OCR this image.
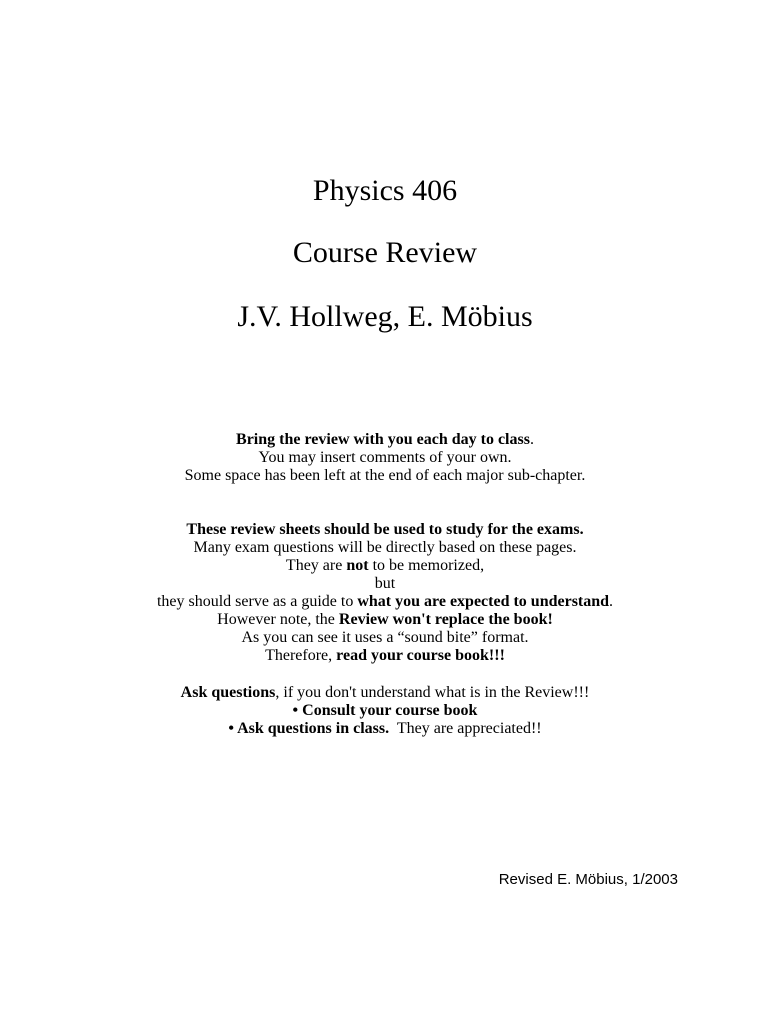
Physics 406
Course Review
J.V. Hollweg, E. Möbius
Bring the review with you each day to class.
You may insert comments of your own.
Some space has been left at the end of each major sub-chapter.
These review sheets should be used to study for the exams.
Many exam questions will be directly based on these pages.
They are not to be memorized,
but
they should serve as a guide to what you are expected to understand.
However note, the Review won't replace the book!
As you can see it uses a “sound bite” format.
Therefore, read your course book!!!
Ask questions, if you don't understand what is in the Review!!!
• Consult your course book
• Ask questions in class.  They are appreciated!!
Revised E. Möbius, 1/2003
